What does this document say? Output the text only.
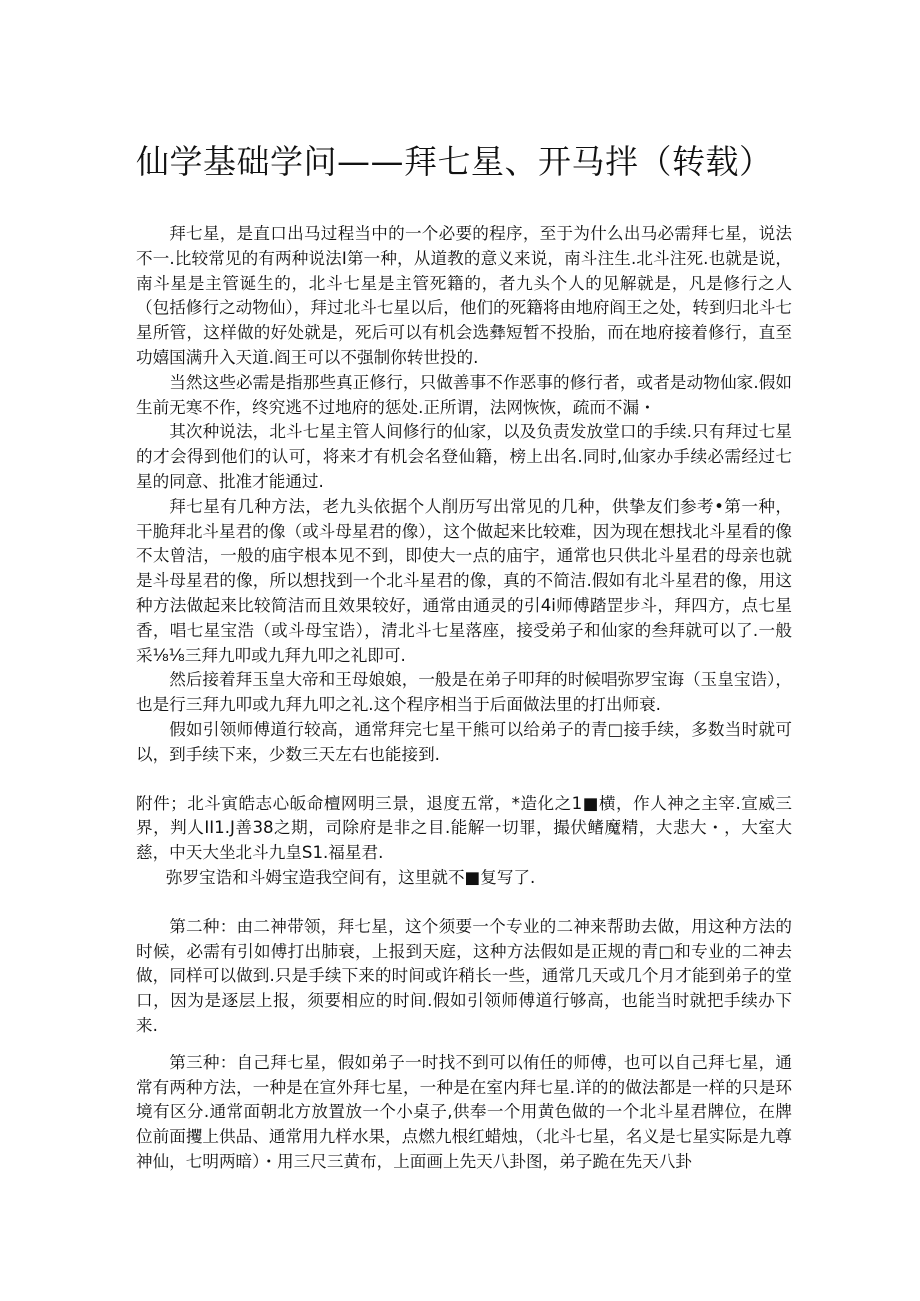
仙学基础学问——拜七星、开马拌（转载）

拜七星，是直口出马过程当中的一个必要的程序，至于为什么出马必需拜七星，说法不一.比较常见的有两种说法I第一种，从道教的意义来说，南斗注生.北斗注死.也就是说，南斗星是主管诞生的，北斗七星是主管死籍的，者九头个人的见解就是，凡是修行之人（包括修行之动物仙），拜过北斗七星以后，他们的死籍将由地府阎王之处，转到归北斗七星所管，这样做的好处就是，死后可以有机会选彝短暂不投胎，而在地府接着修行，直至功嬉国满升入天道.阎王可以不强制你转世投的.

当然这些必需是指那些真正修行，只做善事不作恶事的修行者，或者是动物仙家.假如生前无寒不作，终究逃不过地府的惩处.正所谓，法网恢恢，疏而不漏・

其次种说法，北斗七星主管人间修行的仙家，以及负责发放堂口的手续.只有拜过七星的才会得到他们的认可，将来才有机会名登仙籍，榜上出名.同时,仙家办手续必需经过七星的同意、批准才能通过.

拜七星有几种方法，老九头依据个人削历写出常见的几种，供挚友们参考•第一种，干脆拜北斗星君的像（或斗母星君的像），这个做起来比较难，因为现在想找北斗星看的像不太曾洁，一般的庙宇根本见不到，即使大一点的庙宇，通常也只供北斗星君的母亲也就是斗母星君的像，所以想找到一个北斗星君的像，真的不简洁.假如有北斗星君的像，用这种方法做起来比较简洁而且效果较好，通常由通灵的引4i师傅踏罡步斗，拜四方，点七星香，唱七星宝浩（或斗母宝诰），清北斗七星落座，接受弟子和仙家的叁拜就可以了.一般采⅛⅛三拜九叩或九拜九叩之礼即可.

然后接着拜玉皇大帝和王母娘娘，一般是在弟子叩拜的时候唱弥罗宝诲（玉皇宝诰），也是行三拜九叩或九拜九叩之礼.这个程序相当于后面做法里的打出师衰.

假如引领师傅道行较高，通常拜完七星干熊可以给弟子的青□接手续，多数当时就可以，到手续下来，少数三天左右也能接到.

附件；北斗寅皓志心皈命檀网明三景，退度五常，*造化之1■横，作人神之主宰.宣威三界，判人II1.J善38之期，司除府是非之目.能解一切罪，撮伏鳍魔精，大悲大・，大室大慈，中天大坐北斗九皇S1.福星君.

弥罗宝诰和斗姆宝造我空间有，这里就不■复写了.

第二种：由二神带领，拜七星，这个须要一个专业的二神来帮助去做，用这种方法的时候，必需有引如傅打出肺衰，上报到天庭，这种方法假如是正规的青□和专业的二神去做，同样可以做到.只是手续下来的时间或许稍长一些，通常几天或几个月才能到弟子的堂口，因为是逐层上报，须要相应的时间.假如引领师傅道行够高，也能当时就把手续办下来.

第三种：自己拜七星，假如弟子一时找不到可以侑任的师傅，也可以自己拜七星，通常有两种方法，一种是在宣外拜七星，一种是在室内拜七星.详的的做法都是一样的只是环境有区分.通常面朝北方放置放一个小桌子,供奉一个用黄色做的一个北斗星君牌位，在牌位前面攫上供品、通常用九样水果，点燃九根红蜡烛，（北斗七星，名义是七星实际是九尊神仙，七明两暗）・用三尺三黄布，上面画上先天八卦图，弟子跪在先天八卦
